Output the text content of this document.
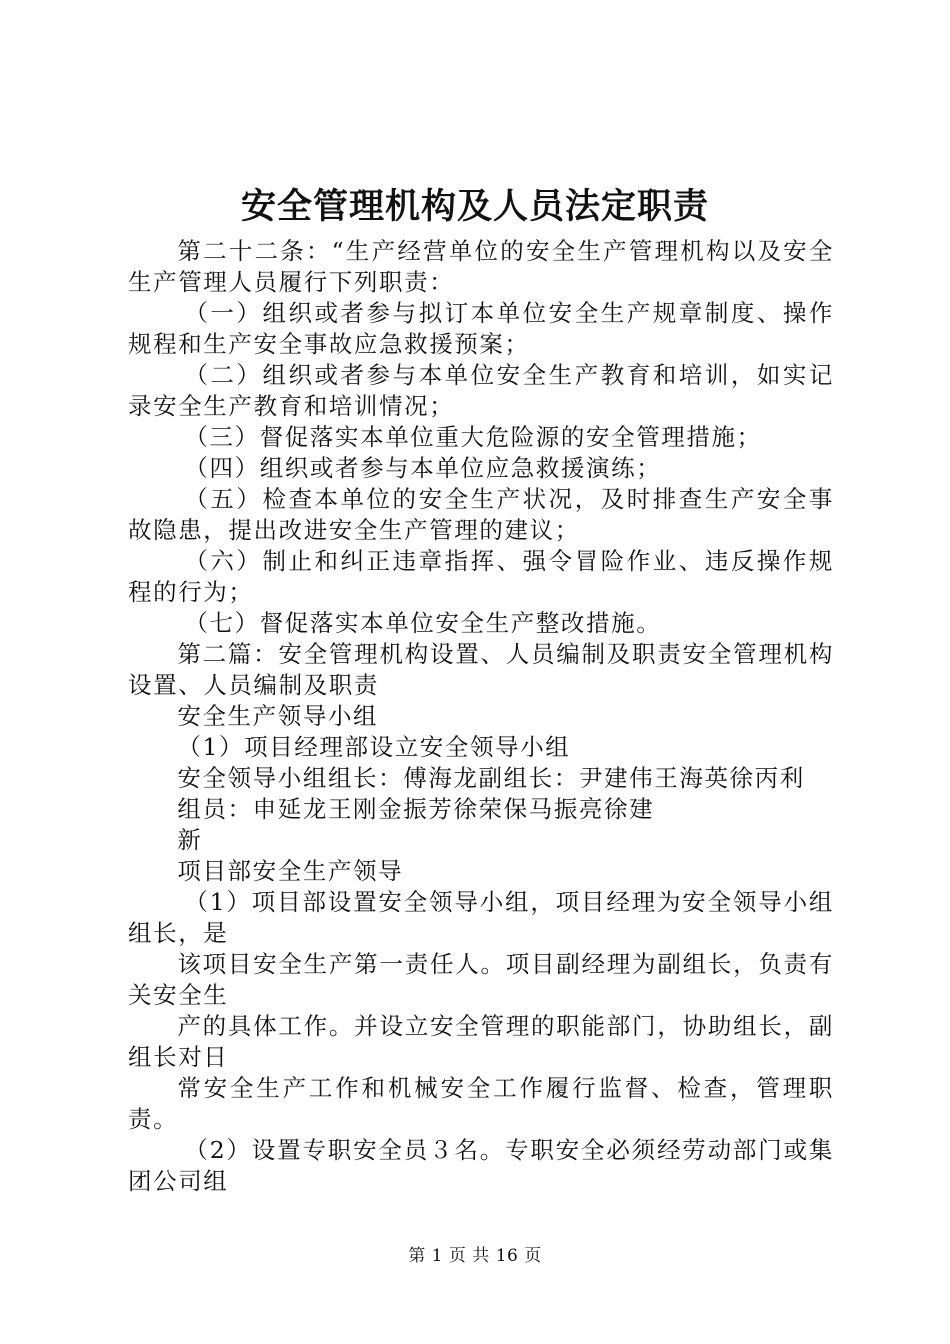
安全管理机构及人员法定职责

第二十二条：“生产经营单位的安全生产管理机构以及安全生产管理人员履行下列职责：

（一）组织或者参与拟订本单位安全生产规章制度、操作规程和生产安全事故应急救援预案；

（二）组织或者参与本单位安全生产教育和培训，如实记录安全生产教育和培训情况；

（三）督促落实本单位重大危险源的安全管理措施；

（四）组织或者参与本单位应急救援演练；

（五）检查本单位的安全生产状况，及时排查生产安全事故隐患，提出改进安全生产管理的建议；

（六）制止和纠正违章指挥、强令冒险作业、违反操作规程的行为；

（七）督促落实本单位安全生产整改措施。

第二篇：安全管理机构设置、人员编制及职责安全管理机构设置、人员编制及职责

安全生产领导小组

（1）项目经理部设立安全领导小组

安全领导小组组长：傅海龙副组长：尹建伟王海英徐丙利

组员：申延龙王刚金振芳徐荣保马振亮徐建

新

项目部安全生产领导

（1）项目部设置安全领导小组，项目经理为安全领导小组组长，是

该项目安全生产第一责任人。项目副经理为副组长，负责有关安全生

产的具体工作。并设立安全管理的职能部门，协助组长，副组长对日

常安全生产工作和机械安全工作履行监督、检查，管理职责。

（2）设置专职安全员３名。专职安全必须经劳动部门或集团公司组

第 1 页 共 16 页
